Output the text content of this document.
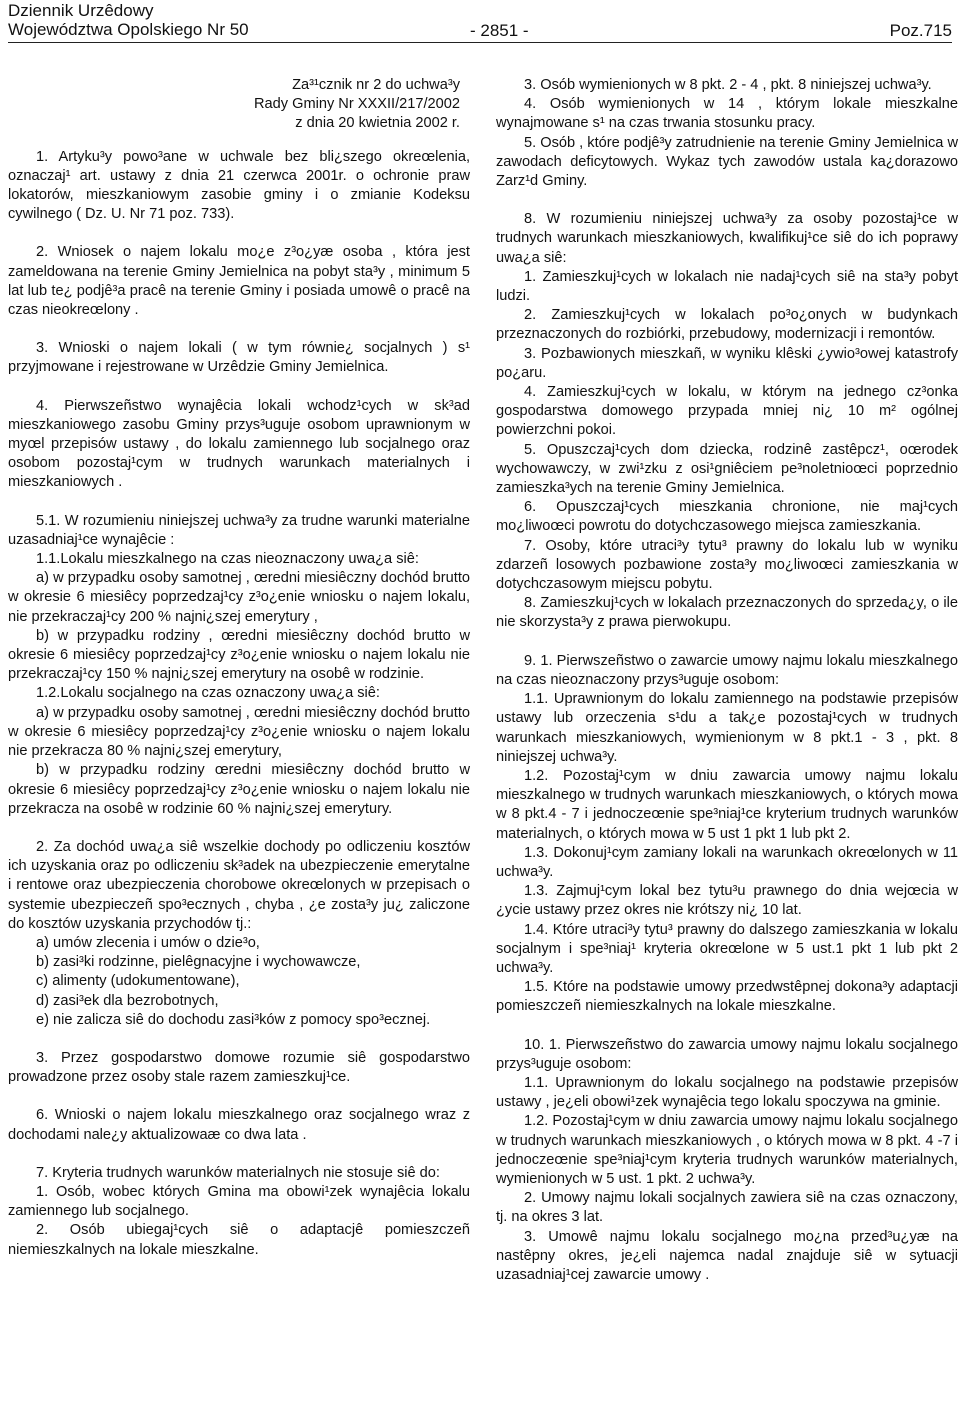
Dziennik Urzêdowy
Województwa Opolskiego Nr 50	- 2851 -	Poz.715
Za³¹cznik nr 2 do uchwa³y
Rady Gminy Nr XXXII/217/2002
z dnia 20 kwietnia 2002 r.

1. Artyku³y powo³ane w uchwale bez bli¿szego okreœlenia, oznaczaj¹ art. ustawy z dnia 21 czerwca 2001r. o ochronie praw lokatorów, mieszkaniowym zasobie gminy i o zmianie Kodeksu cywilnego ( Dz. U. Nr 71 poz. 733).

2. Wniosek o najem lokalu mo¿e z³o¿yæ osoba , która jest zameldowana na terenie Gminy Jemielnica na pobyt sta³y , minimum 5 lat lub te¿ podjê³a pracê na terenie Gminy i posiada umowê o pracê na czas nieokreœlony .

3. Wnioski o najem lokali ( w tym równie¿ socjalnych ) s¹ przyjmowane i rejestrowane w Urzêdzie Gminy Jemielnica.

4. Pierwszeñstwo wynajêcia lokali wchodz¹cych w sk³ad mieszkaniowego zasobu Gminy przys³uguje osobom uprawnionym w myœl przepisów ustawy , do lokalu zamiennego lub socjalnego oraz osobom pozostaj¹cym w trudnych warunkach materialnych i mieszkaniowych .

5.1. W rozumieniu niniejszej uchwa³y za trudne warunki materialne uzasadniaj¹ce wynajêcie :

1.1.Lokalu mieszkalnego na czas nieoznaczony uwa¿a siê:

a) w przypadku osoby samotnej , œredni miesiêczny dochód brutto w okresie 6 miesiêcy poprzedzaj¹cy z³o¿enie wniosku o najem lokalu, nie przekraczaj¹cy 200 % najni¿szej emerytury ,

b) w przypadku rodziny , œredni miesiêczny dochód brutto w okresie 6 miesiêcy poprzedzaj¹cy z³o¿enie wniosku o najem lokalu nie przekraczaj¹cy 150 % najni¿szej emerytury na osobê w rodzinie.

1.2.Lokalu socjalnego na czas oznaczony uwa¿a siê:

a) w przypadku osoby samotnej , œredni miesiêczny dochód brutto w okresie 6 miesiêcy poprzedzaj¹cy z³o¿enie wniosku o najem lokalu nie przekracza 80 % najni¿szej emerytury,

b) w przypadku rodziny œredni miesiêczny dochód brutto w okresie 6 miesiêcy poprzedzaj¹cy z³o¿enie wniosku o najem lokalu nie przekracza na osobê w rodzinie 60 % najni¿szej emerytury.

2. Za dochód uwa¿a siê wszelkie dochody po odliczeniu kosztów ich uzyskania oraz po odliczeniu sk³adek na ubezpieczenie emerytalne i rentowe oraz ubezpieczenia chorobowe okreœlonych w przepisach o systemie ubezpieczeñ spo³ecznych , chyba , ¿e zosta³y ju¿ zaliczone do kosztów uzyskania przychodów tj.:

a) umów zlecenia i umów o dzie³o,

b) zasi³ki rodzinne, pielêgnacyjne i wychowawcze,

c) alimenty (udokumentowane),

d) zasi³ek dla bezrobotnych,

e) nie zalicza siê do dochodu zasi³ków z pomocy spo³ecznej.

3. Przez gospodarstwo domowe rozumie siê gospodarstwo prowadzone przez osoby stale razem zamieszkuj¹ce.

6. Wnioski o najem lokalu mieszkalnego oraz socjalnego wraz z dochodami nale¿y aktualizowaæ co dwa lata .

7. Kryteria trudnych warunków materialnych nie stosuje siê do:

1. Osób, wobec których Gmina ma obowi¹zek wynajêcia lokalu zamiennego lub socjalnego.

2. Osób ubiegaj¹cych siê o adaptacjê pomieszczeñ niemieszkalnych na lokale mieszkalne.

3. Osób wymienionych w 8 pkt. 2 - 4 , pkt. 8 niniejszej uchwa³y.

4. Osób wymienionych w 14 , którym lokale mieszkalne wynajmowane s¹ na czas trwania stosunku pracy.

5. Osób , które podjê³y zatrudnienie na terenie Gminy Jemielnica w zawodach deficytowych. Wykaz tych zawodów ustala ka¿dorazowo Zarz¹d Gminy.

8. W rozumieniu niniejszej uchwa³y za osoby pozostaj¹ce w trudnych warunkach mieszkaniowych, kwalifikuj¹ce siê do ich poprawy uwa¿a siê:

1. Zamieszkuj¹cych w lokalach nie nadaj¹cych siê na sta³y pobyt ludzi.

2. Zamieszkuj¹cych w lokalach po³o¿onych w budynkach przeznaczonych do rozbiórki, przebudowy, modernizacji i remontów.

3. Pozbawionych mieszkañ, w wyniku klêski ¿ywio³owej katastrofy po¿aru.

4. Zamieszkuj¹cych w lokalu, w którym na jednego cz³onka gospodarstwa domowego przypada mniej ni¿ 10 m² ogólnej powierzchni pokoi.

5. Opuszczaj¹cych dom dziecka, rodzinê zastêpcz¹, oœrodek wychowawczy, w zwi¹zku z osi¹gniêciem pe³noletnioœci poprzednio zamieszka³ych na terenie Gminy Jemielnica.

6. Opuszczaj¹cych mieszkania chronione, nie maj¹cych mo¿liwoœci powrotu do dotychczasowego miejsca zamieszkania.

7. Osoby, które utraci³y tytu³ prawny do lokalu lub w wyniku zdarzeñ losowych pozbawione zosta³y mo¿liwoœci zamieszkania w dotychczasowym miejscu pobytu.

8. Zamieszkuj¹cych w lokalach przeznaczonych do sprzeda¿y, o ile nie skorzysta³y z prawa pierwokupu.

9. 1. Pierwszeñstwo o zawarcie umowy najmu lokalu mieszkalnego na czas nieoznaczony przys³uguje osobom:

1.1. Uprawnionym do lokalu zamiennego na podstawie przepisów ustawy lub orzeczenia s¹du a tak¿e pozostaj¹cych w trudnych warunkach mieszkaniowych, wymienionym w 8 pkt.1 - 3 , pkt. 8 niniejszej uchwa³y.

1.2. Pozostaj¹cym w dniu zawarcia umowy najmu lokalu mieszkalnego w trudnych warunkach mieszkaniowych, o których mowa w 8 pkt.4 - 7 i jednoczeœnie spe³niaj¹ce kryterium trudnych warunków materialnych, o których mowa w 5 ust 1 pkt 1 lub pkt 2.

1.3. Dokonuj¹cym zamiany lokali na warunkach okreœlonych w 11 uchwa³y.

1.3. Zajmuj¹cym lokal bez tytu³u prawnego do dnia wejœcia w ¿ycie ustawy przez okres nie krótszy ni¿ 10 lat.

1.4. Które utraci³y tytu³ prawny do dalszego zamieszkania w lokalu socjalnym i spe³niaj¹ kryteria okreœlone w 5 ust.1 pkt 1 lub pkt 2 uchwa³y.

1.5. Które na podstawie umowy przedwstêpnej dokona³y adaptacji pomieszczeñ niemieszkalnych na lokale mieszkalne.

10. 1. Pierwszeñstwo do zawarcia umowy najmu lokalu socjalnego przys³uguje osobom:

1.1. Uprawnionym do lokalu socjalnego na podstawie przepisów ustawy , je¿eli obowi¹zek wynajêcia tego lokalu spoczywa na gminie.

1.2. Pozostaj¹cym w dniu zawarcia umowy najmu lokalu socjalnego w trudnych warunkach mieszkaniowych , o których mowa w 8 pkt. 4 -7 i jednoczeœnie spe³niaj¹cym kryteria trudnych warunków materialnych, wymienionych w 5 ust. 1 pkt. 2 uchwa³y.

2. Umowy najmu lokali socjalnych zawiera siê na czas oznaczony, tj. na okres 3 lat.

3. Umowê najmu lokalu socjalnego mo¿na przed³u¿yæ na nastêpny okres, je¿eli najemca nadal znajduje siê w sytuacji uzasadniaj¹cej zawarcie umowy .
